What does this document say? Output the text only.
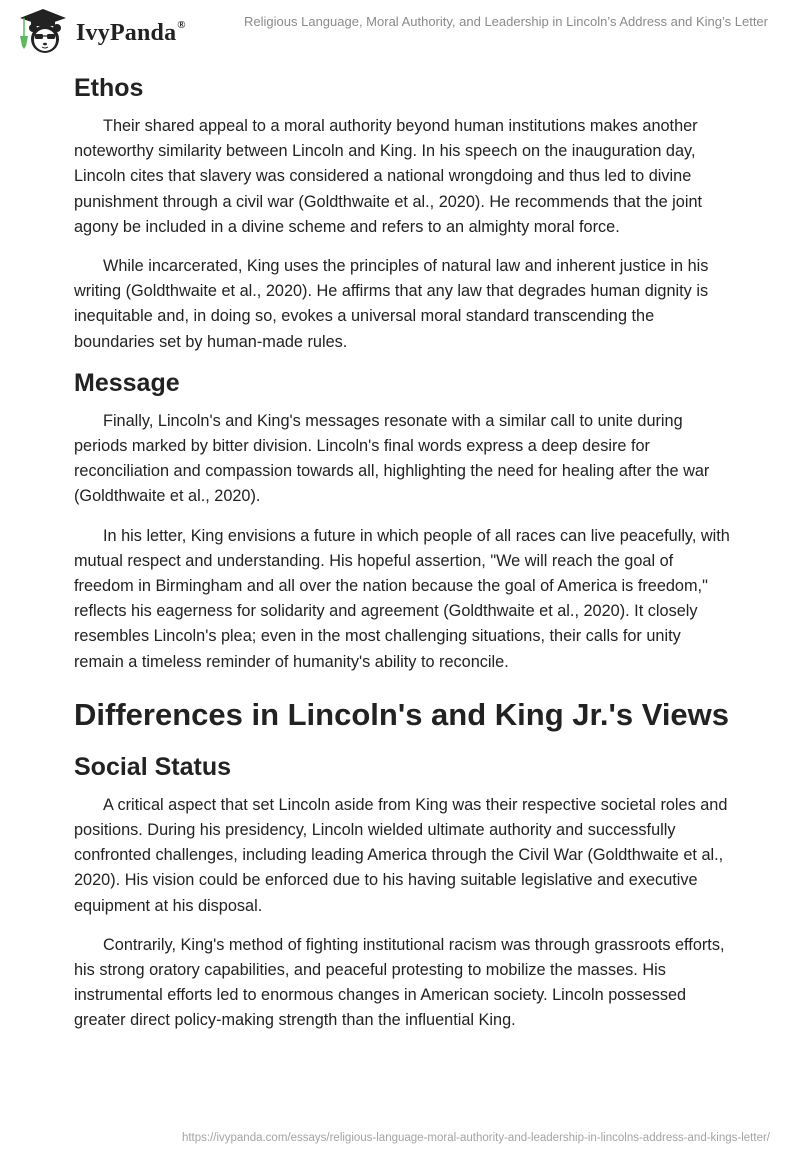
IvyPanda®	Religious Language, Moral Authority, and Leadership in Lincoln’s Address and King’s Letter
Ethos

Their shared appeal to a moral authority beyond human institutions makes another noteworthy similarity between Lincoln and King. In his speech on the inauguration day, Lincoln cites that slavery was considered a national wrongdoing and thus led to divine punishment through a civil war (Goldthwaite et al., 2020). He recommends that the joint agony be included in a divine scheme and refers to an almighty moral force.

While incarcerated, King uses the principles of natural law and inherent justice in his writing (Goldthwaite et al., 2020). He affirms that any law that degrades human dignity is inequitable and, in doing so, evokes a universal moral standard transcending the boundaries set by human-made rules.

Message

Finally, Lincoln's and King's messages resonate with a similar call to unite during periods marked by bitter division. Lincoln's final words express a deep desire for reconciliation and compassion towards all, highlighting the need for healing after the war (Goldthwaite et al., 2020).

In his letter, King envisions a future in which people of all races can live peacefully, with mutual respect and understanding. His hopeful assertion, "We will reach the goal of freedom in Birmingham and all over the nation because the goal of America is freedom," reflects his eagerness for solidarity and agreement (Goldthwaite et al., 2020). It closely resembles Lincoln's plea; even in the most challenging situations, their calls for unity remain a timeless reminder of humanity's ability to reconcile.

Differences in Lincoln's and King Jr.'s Views
Social Status

A critical aspect that set Lincoln aside from King was their respective societal roles and positions. During his presidency, Lincoln wielded ultimate authority and successfully confronted challenges, including leading America through the Civil War (Goldthwaite et al., 2020). His vision could be enforced due to his having suitable legislative and executive equipment at his disposal.

Contrarily, King's method of fighting institutional racism was through grassroots efforts, his strong oratory capabilities, and peaceful protesting to mobilize the masses. His instrumental efforts led to enormous changes in American society. Lincoln possessed greater direct policy-making strength than the influential King.

https://ivypanda.com/essays/religious-language-moral-authority-and-leadership-in-lincolns-address-and-kings-letter/
